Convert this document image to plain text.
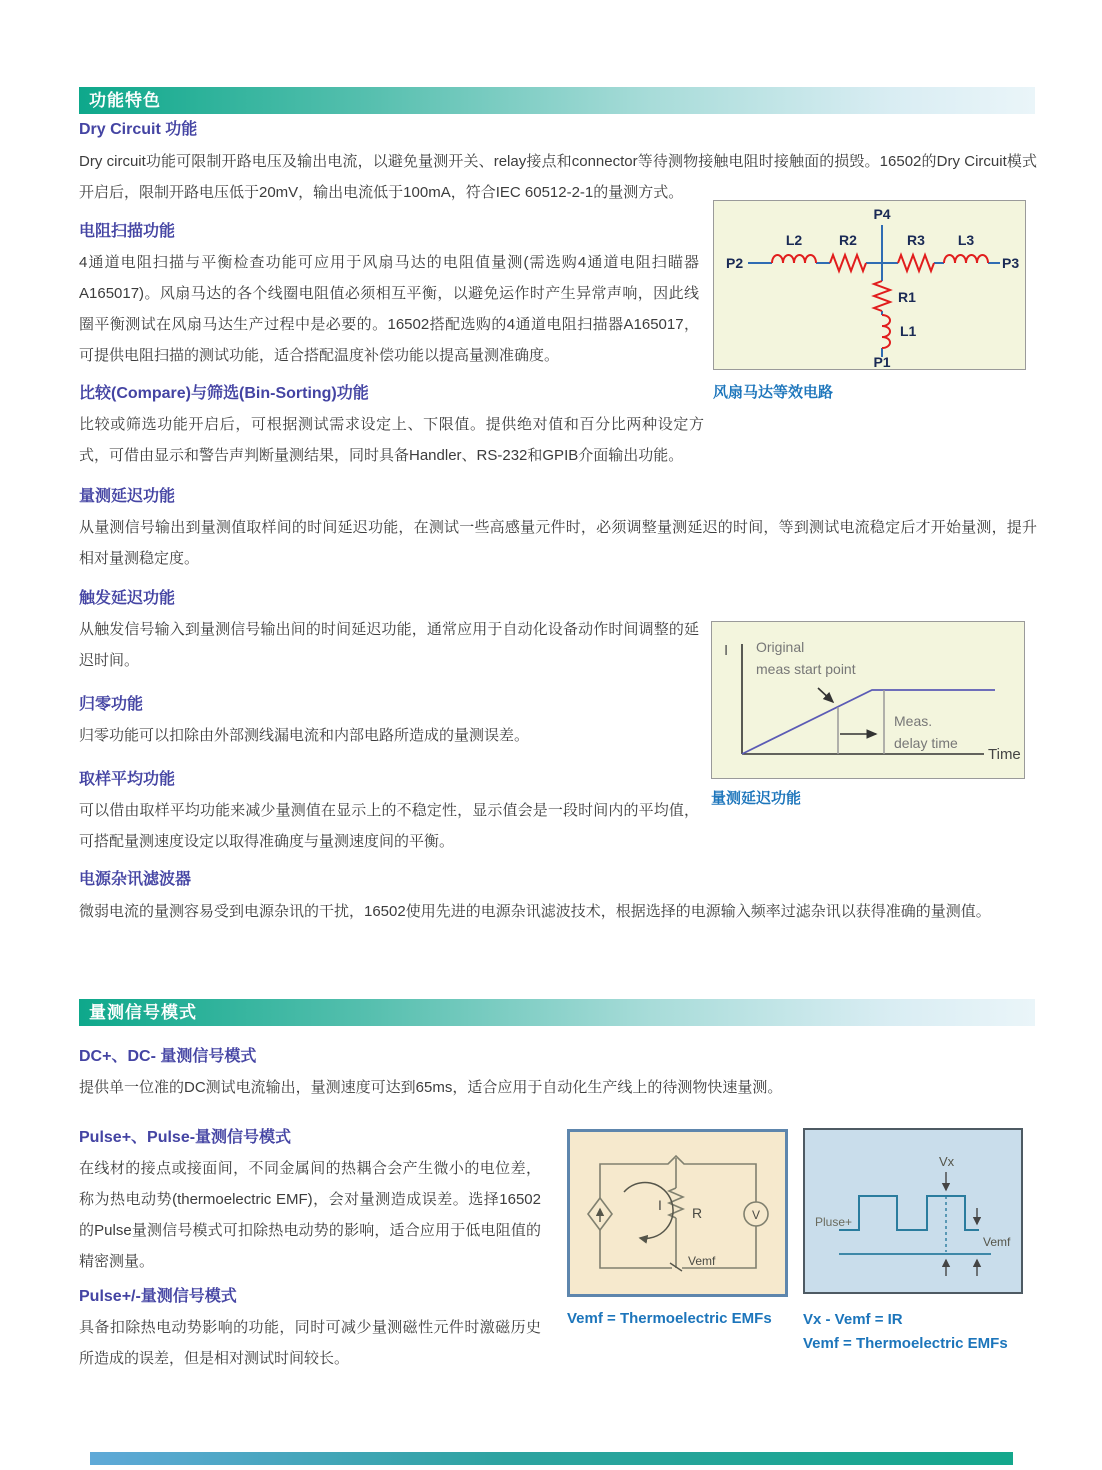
功能特色
Dry Circuit 功能
Dry circuit功能可限制开路电压及输出电流，以避免量测开关、relay接点和connector等待测物接触电阻时接触面的损毁。16502的Dry Circuit模式开启后，限制开路电压低于20mV，输出电流低于100mA，符合IEC 60512-2-1的量测方式。
电阻扫描功能
4通道电阻扫描与平衡检查功能可应用于风扇马达的电阻值量测(需选购4通道电阻扫瞄器A165017)。风扇马达的各个线圈电阻值必须相互平衡，以避免运作时产生异常声响，因此线圈平衡测试在风扇马达生产过程中是必要的。16502搭配选购的4通道电阻扫描器A165017，可提供电阻扫描的测试功能，适合搭配温度补偿功能以提高量测准确度。
P2	P3
P4
P1
L2	R2	R3 L3
R1
L1
风扇马达等效电路
比较(Compare)与筛选(Bin-Sorting)功能
比较或筛选功能开启后，可根据测试需求设定上、下限值。提供绝对值和百分比两种设定方式，可借由显示和警告声判断量测结果，同时具备Handler、RS-232和GPIB介面输出功能。
量测延迟功能
从量测信号输出到量测值取样间的时间延迟功能，在测试一些高感量元件时，必须调整量测延迟的时间，等到测试电流稳定后才开始量测，提升相对量测稳定度。
触发延迟功能
从触发信号输入到量测信号输出间的时间延迟功能，通常应用于自动化设备动作时间调整的延迟时间。
I Original
meas start point
Meas.
delay time
Time
量测延迟功能
归零功能
归零功能可以扣除由外部测线漏电流和内部电路所造成的量测误差。
取样平均功能
可以借由取样平均功能来减少量测值在显示上的不稳定性，显示值会是一段时间内的平均值，可搭配量测速度设定以取得准确度与量测速度间的平衡。
电源杂讯滤波器
微弱电流的量测容易受到电源杂讯的干扰，16502使用先进的电源杂讯滤波技术，根据选择的电源输入频率过滤杂讯以获得准确的量测值。
量测信号模式
DC+、DC- 量测信号模式
提供单一位准的DC测试电流输出，量测速度可达到65ms，适合应用于自动化生产线上的待测物快速量测。
Pulse+、Pulse-量测信号模式
在线材的接点或接面间，不同金属间的热耦合会产生微小的电位差，称为热电动势(thermoelectric EMF)，会对量测造成误差。选择16502的Pulse量测信号模式可扣除热电动势的影响，适合应用于低电阻值的精密测量。
V
I R
Vemf
Vemf = Thermoelectric EMFs
Pluse+
Vx
Vemf
Vx - Vemf = IR
Vemf = Thermoelectric EMFs
Pulse+/-量测信号模式
具备扣除热电动势影响的功能，同时可减少量测磁性元件时激磁历史所造成的误差，但是相对测试时间较长。
